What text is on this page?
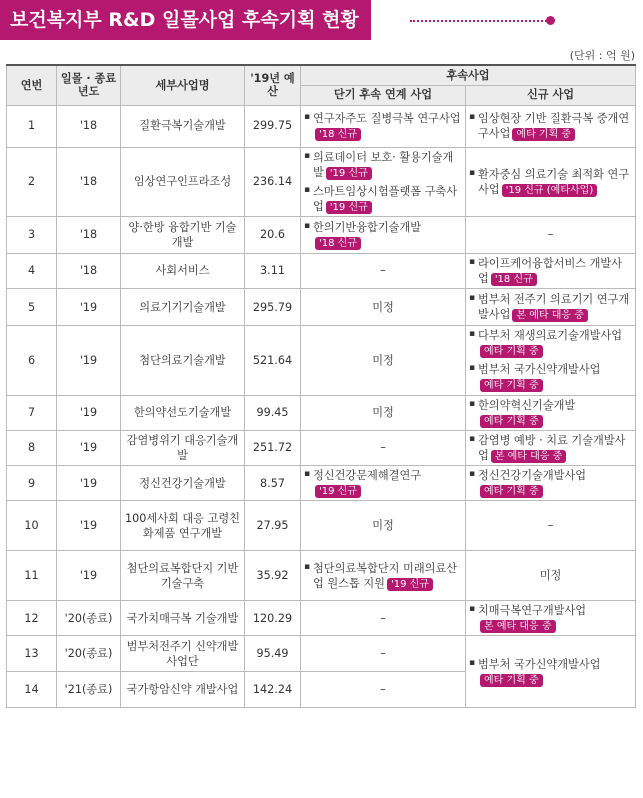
보건복지부 R&D 일몰사업 후속기획 현황
(단위 : 억 원)
연번	일몰 · 종료 년도	세부사업명	'19년 예산	후속사업	
				단기 후속 연계 사업	신규 사업
1	'18	질환극복기술개발	299.75	▪ 연구자주도 질병극복 연구사업'18 신규	▪ 임상현장 기반 질환극복 중개연구사업 예타 기획 중

2	'18	임상연구인프라조성	236.14	▪ 의료데이터 보호· 활용기술개발 '19 신규
▪ 스마트임상시험플랫폼 구축사업 '19 신규	▪ 환자중심 의료기술 최적화 연구사업 '19 신규 (예타사업)

3	'18	양·한방 융합기반 기술개발	20.6	▪ 한의기반융합기술개발'18 신규	–
4	'18	사회서비스	3.11	–	▪ 라이프케어융합서비스 개발사업 '18 신규

5	'19	의료기기기술개발	295.79	미정	▪ 범부처 전주기 의료기기 연구개발사업 본 예타 대응 중

6	'19	첨단의료기술개발	521.64	미정	▪ 다부처 재생의료기술개발사업예타 기획 중
▪ 범부처 국가신약개발사업예타 기획 중

7	'19	한의약선도기술개발	99.45	미정	▪ 한의약혁신기술개발예타 기획 중

8	'19	감염병위기 대응기술개발	251.72	–	▪ 감염병 예방 · 치료 기술개발사업 본 예타 대응 중

9	'19	정신건강기술개발	8.57	▪ 정신건강문제해결연구'19 신규	▪ 정신건강기술개발사업예타 기획 중

10	'19	100세사회 대응 고령친화제품 연구개발	27.95	미정	–
11	'19	첨단의료복합단지 기반기술구축	35.92	▪ 첨단의료복합단지 미래의료산업 원스톱 지원 '19 신규	미정
12	'20(종료)	국가치매극복 기술개발	120.29	–	▪ 치매극복연구개발사업본 예타 대응 중

13	'20(종료)	범부처전주기 신약개발사업단	95.49	–	▪ 범부처 국가신약개발사업예타 기획 중

14	'21(종료)	국가항암신약 개발사업	142.24	–	
